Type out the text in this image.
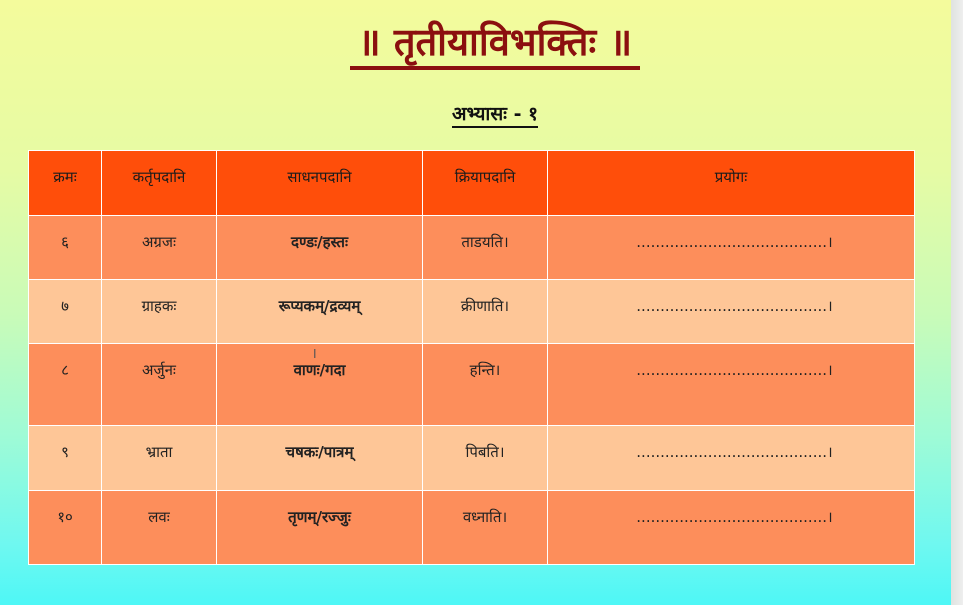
॥ तृतीयाविभक्तिः ॥
अभ्यासः - १
क्रमः	कर्तृपदानि	साधनपदानि	क्रियापदानि	प्रयोगः
६	अग्रजः	दण्डः/हस्तः	ताडयति।	........................................।
७	ग्राहकः	रूप्यकम्/द्रव्यम्	क्रीणाति।	........................................।
८	अर्जुनः	वाणः/गदा	हन्ति।	........................................।
९	भ्राता	चषकः/पात्रम्	पिबति।	........................................।
१०	लवः	तृणम्/रज्जुः	वध्नाति।	........................................।
I
